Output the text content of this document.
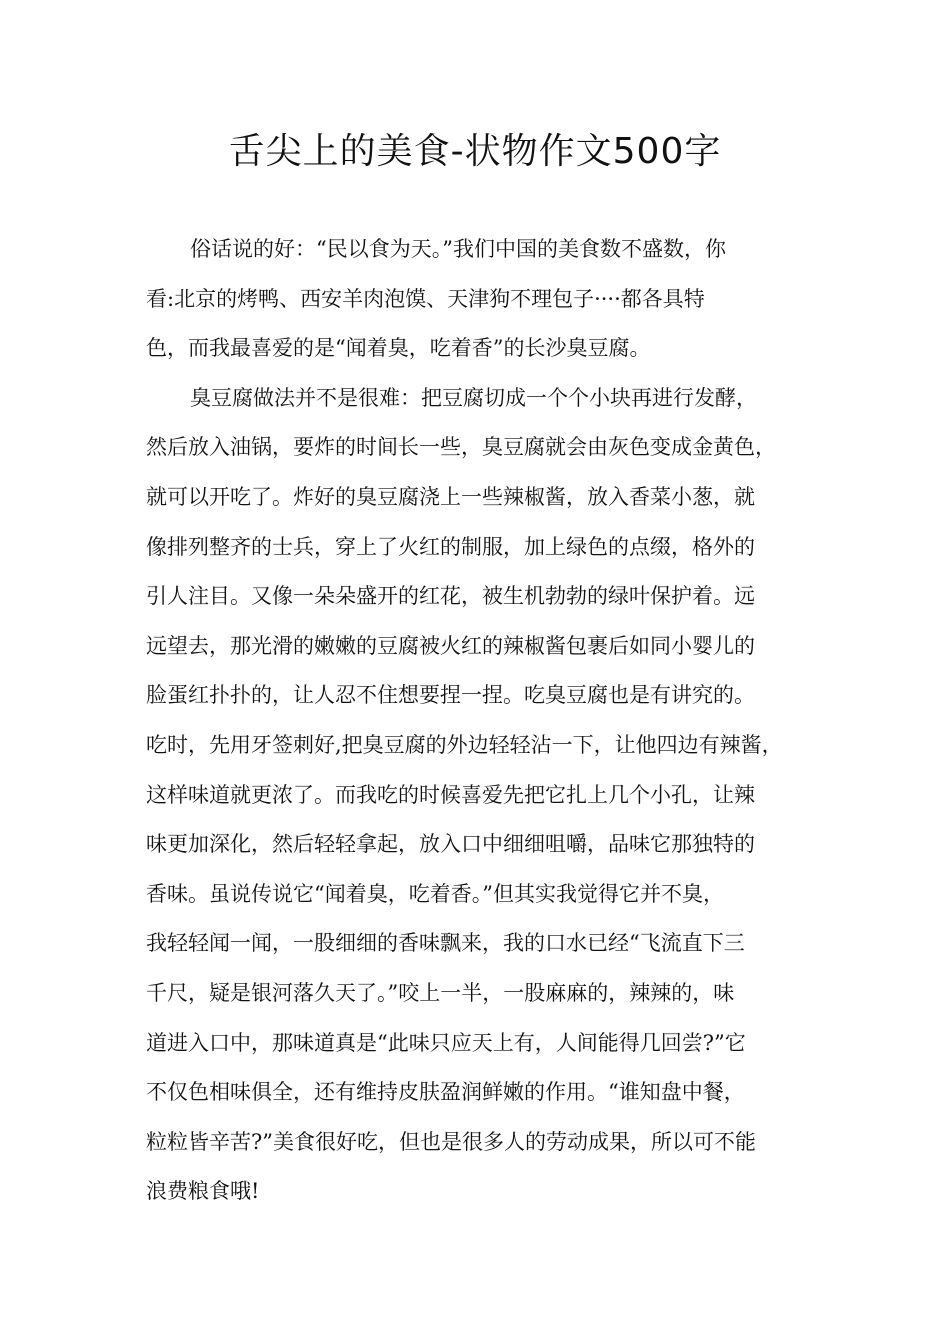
舌尖上的美食-状物作文500字
俗话说的好：“民以食为天。”我们中国的美食数不盛数，你
看:北京的烤鸭、西安羊肉泡馍、天津狗不理包子····都各具特
色，而我最喜爱的是“闻着臭，吃着香”的长沙臭豆腐。
臭豆腐做法并不是很难：把豆腐切成一个个小块再进行发酵，
然后放入油锅，要炸的时间长一些，臭豆腐就会由灰色变成金黄色，
就可以开吃了。炸好的臭豆腐浇上一些辣椒酱，放入香菜小葱，就
像排列整齐的士兵，穿上了火红的制服，加上绿色的点缀，格外的
引人注目。又像一朵朵盛开的红花，被生机勃勃的绿叶保护着。远
远望去，那光滑的嫩嫩的豆腐被火红的辣椒酱包裹后如同小婴儿的
脸蛋红扑扑的，让人忍不住想要捏一捏。吃臭豆腐也是有讲究的。
吃时，先用牙签刺好,把臭豆腐的外边轻轻沾一下，让他四边有辣酱，
这样味道就更浓了。而我吃的时候喜爱先把它扎上几个小孔，让辣
味更加深化，然后轻轻拿起，放入口中细细咀嚼，品味它那独特的
香味。虽说传说它“闻着臭，吃着香。”但其实我觉得它并不臭，
我轻轻闻一闻，一股细细的香味飘来，我的口水已经“飞流直下三
千尺，疑是银河落久天了。”咬上一半，一股麻麻的，辣辣的，味
道进入口中，那味道真是“此味只应天上有，人间能得几回尝?”它
不仅色相味俱全，还有维持皮肤盈润鲜嫩的作用。“谁知盘中餐，
粒粒皆辛苦?”美食很好吃，但也是很多人的劳动成果，所以可不能
浪费粮食哦!
